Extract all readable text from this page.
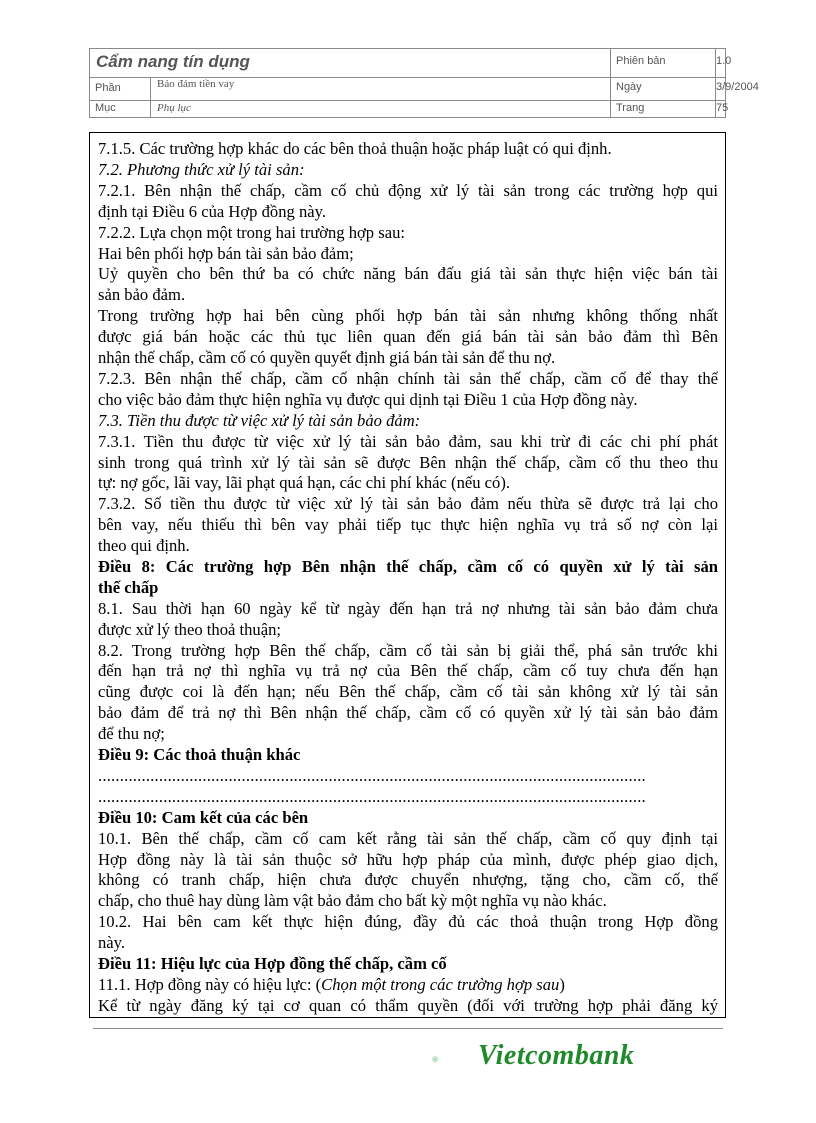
Cẩm nang tín dụng	Phiên bản	1.0
Phần	Bảo đảm tiền vay	Ngày	3/9/2004
Mục	Phụ lục	Trang	75

7.1.5. Các trường hợp khác do các bên thoả thuận hoặc pháp luật có qui định.

7.2. Phương thức xử lý tài sản:

7.2.1. Bên nhận thế chấp, cầm cố chủ động xử lý tài sản trong các trường hợp qui

định tại Điều 6 của Hợp đồng này.

7.2.2. Lựa chọn một trong hai trường hợp sau:

Hai bên phối hợp bán tài sản bảo đảm;

Uỷ quyền cho bên thứ ba có chức năng bán đấu giá tài sản thực hiện việc bán tài

sản bảo đảm.

Trong trường hợp hai bên cùng phối hợp bán tài sản nhưng không thống nhất

được giá bán hoặc các thủ tục liên quan đến giá bán tài sản bảo đảm thì Bên

nhận thế chấp, cầm cố có quyền quyết định giá bán tài sản để thu nợ.

7.2.3. Bên nhận thế chấp, cầm cố nhận chính tài sản thế chấp, cầm cố để thay thế

cho việc bảo đảm thực hiện nghĩa vụ được qui dịnh tại Điều 1 của Hợp đồng này.

7.3. Tiền thu được từ việc xử lý tài sản bảo đảm:

7.3.1. Tiền thu được từ việc xử lý tài sản bảo đảm, sau khi trừ đi các chi phí phát

sinh trong quá trình xử lý tài sản sẽ được Bên nhận thế chấp, cầm cố thu theo thu

tự: nợ gốc, lãi vay, lãi phạt quá hạn, các chi phí khác (nếu có).

7.3.2. Số tiền thu được từ việc xử lý tài sản bảo đảm nếu thừa sẽ được trả lại cho

bên vay, nếu thiếu thì bên vay phải tiếp tục thực hiện nghĩa vụ trả số nợ còn lại

theo qui định.

Điều 8: Các trường hợp Bên nhận thế chấp, cầm cố có quyền xử lý tài sản

thế chấp

8.1. Sau thời hạn 60 ngày kể từ ngày đến hạn trả nợ nhưng tài sản bảo đảm chưa

được xử lý theo thoả thuận;

8.2. Trong trường hợp Bên thế chấp, cầm cố tài sản bị giải thể, phá sản trước khi

đến hạn trả nợ thì nghĩa vụ trả nợ của Bên thế chấp, cầm cố tuy chưa đến hạn

cũng được coi là đến hạn; nếu Bên thế chấp, cầm cố tài sản không xử lý tài sản

bảo đảm để trả nợ thì Bên nhận thế chấp, cầm cố có quyền xử lý tài sản bảo đảm

để thu nợ;

Điều 9: Các thoả thuận khác

..............................................................................................................................

..............................................................................................................................

Điều 10: Cam kết của các bên

10.1. Bên thế chấp, cầm cố cam kết rằng tài sản thế chấp, cầm cố quy định tại

Hợp đồng này là tài sản thuộc sở hữu hợp pháp của mình, được phép giao dịch,

không có tranh chấp, hiện chưa được chuyển nhượng, tặng cho, cầm cố, thế

chấp, cho thuê hay dùng làm vật bảo đảm cho bất kỳ một nghĩa vụ nào khác.

10.2. Hai bên cam kết thực hiện đúng, đầy đủ các thoả thuận trong Hợp đồng

này.

Điều 11: Hiệu lực của Hợp đồng thế chấp, cầm cố

11.1. Hợp đồng này có hiệu lực: (Chọn một trong các trường hợp sau)

Kể từ ngày đăng ký tại cơ quan có thẩm quyền (đối với trường hợp phải đăng ký

Vietcombank
